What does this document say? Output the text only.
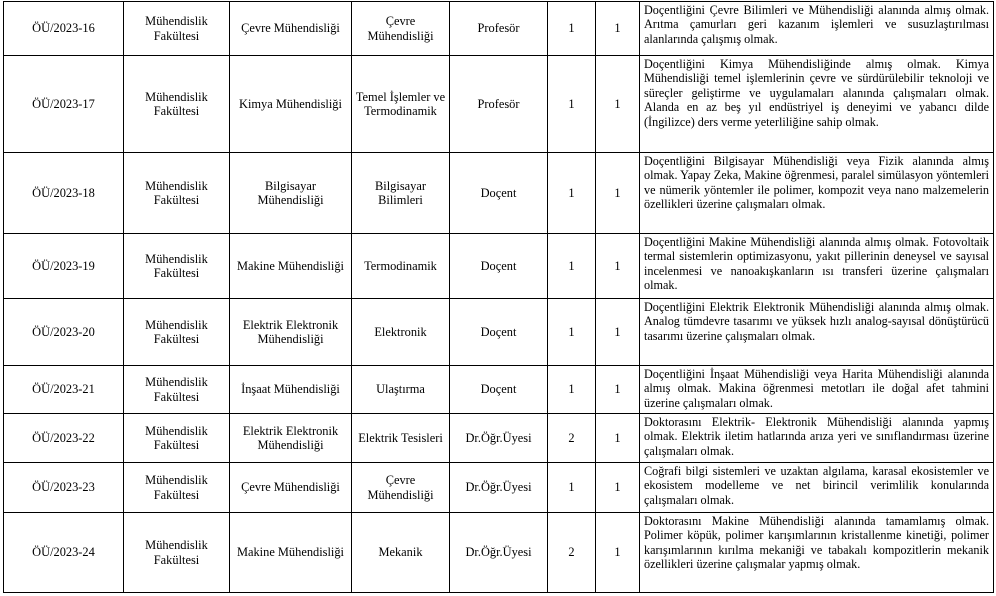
ÖÜ/2023-16	Mühendislik Fakültesi	Çevre Mühendisliği	Çevre Mühendisliği	Profesör	1	1	Doçentliğini Çevre Bilimleri ve Mühendisliği alanında almış olmak. Arıtma çamurları geri kazanım işlemleri ve susuzlaştırılması alanlarında çalışmış olmak.
ÖÜ/2023-17	Mühendislik Fakültesi	Kimya Mühendisliği	Temel İşlemler ve Termodinamik	Profesör	1	1	Doçentliğini Kimya Mühendisliğinde almış olmak. Kimya Mühendisliği temel işlemlerinin çevre ve sürdürülebilir teknoloji ve süreçler geliştirme ve uygulamaları alanında çalışmaları olmak. Alanda en az beş yıl endüstriyel iş deneyimi ve yabancı dilde (İngilizce) ders verme yeterliliğine sahip olmak.
ÖÜ/2023-18	Mühendislik Fakültesi	Bilgisayar Mühendisliği	Bilgisayar Bilimleri	Doçent	1	1	Doçentliğini Bilgisayar Mühendisliği veya Fizik alanında almış olmak. Yapay Zeka, Makine öğrenmesi, paralel simülasyon yöntemleri ve nümerik yöntemler ile polimer, kompozit veya nano malzemelerin özellikleri üzerine çalışmaları olmak.
ÖÜ/2023-19	Mühendislik Fakültesi	Makine Mühendisliği	Termodinamik	Doçent	1	1	Doçentliğini Makine Mühendisliği alanında almış olmak. Fotovoltaik termal sistemlerin optimizasyonu, yakıt pillerinin deneysel ve sayısal incelenmesi ve nanoakışkanların ısı transferi üzerine çalışmaları olmak.
ÖÜ/2023-20	Mühendislik Fakültesi	Elektrik Elektronik Mühendisliği	Elektronik	Doçent	1	1	Doçentliğini Elektrik Elektronik Mühendisliği alanında almış olmak. Analog tümdevre tasarımı ve yüksek hızlı analog-sayısal dönüştürücü tasarımı üzerine çalışmaları olmak.
ÖÜ/2023-21	Mühendislik Fakültesi	İnşaat Mühendisliği	Ulaştırma	Doçent	1	1	Doçentliğini İnşaat Mühendisliği veya Harita Mühendisliği alanında almış olmak. Makina öğrenmesi metotları ile doğal afet tahmini üzerine çalışmaları olmak.
ÖÜ/2023-22	Mühendislik Fakültesi	Elektrik Elektronik Mühendisliği	Elektrik Tesisleri	Dr.Öğr.Üyesi	2	1	Doktorasını Elektrik- Elektronik Mühendisliği alanında yapmış olmak. Elektrik iletim hatlarında arıza yeri ve sınıflandırması üzerine çalışmaları olmak.
ÖÜ/2023-23	Mühendislik Fakültesi	Çevre Mühendisliği	Çevre Mühendisliği	Dr.Öğr.Üyesi	1	1	Coğrafi bilgi sistemleri ve uzaktan algılama, karasal ekosistemler ve ekosistem modelleme ve net birincil verimlilik konularında çalışmaları olmak.
ÖÜ/2023-24	Mühendislik Fakültesi	Makine Mühendisliği	Mekanik	Dr.Öğr.Üyesi	2	1	Doktorasını Makine Mühendisliği alanında tamamlamış olmak. Polimer köpük, polimer karışımlarının kristallenme kinetiği, polimer karışımlarının kırılma mekaniği ve tabakalı kompozitlerin mekanik özellikleri üzerine çalışmalar yapmış olmak.
